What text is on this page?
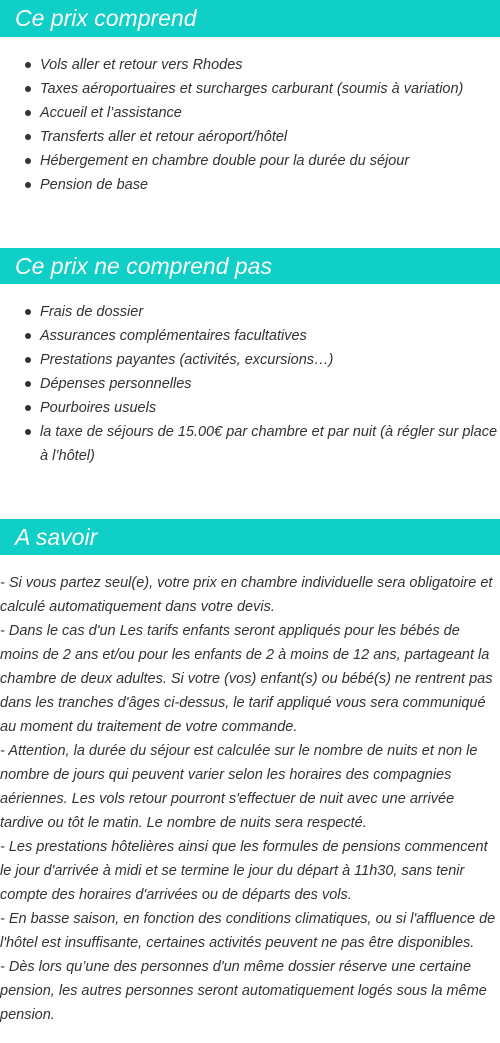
Ce prix comprend
Vols aller et retour vers Rhodes
Taxes aéroportuaires et surcharges carburant (soumis à variation)
Accueil et l’assistance
Transferts aller et retour aéroport/hôtel
Hébergement en chambre double pour la durée du séjour
Pension de base
Ce prix ne comprend pas
Frais de dossier
Assurances complémentaires facultatives
Prestations payantes (activités, excursions…)
Dépenses personnelles
Pourboires usuels
la taxe de séjours de 15.00€ par chambre et par nuit (à régler sur place à l’hôtel)
A savoir

- Si vous partez seul(e), votre prix en chambre individuelle sera obligatoire et calculé automatiquement dans votre devis.

- Dans le cas d'un Les tarifs enfants seront appliqués pour les bébés de moins de 2 ans et/ou pour les enfants de 2 à moins de 12 ans, partageant la chambre de deux adultes. Si votre (vos) enfant(s) ou bébé(s) ne rentrent pas dans les tranches d'âges ci-dessus, le tarif appliqué vous sera communiqué au moment du traitement de votre commande.

- Attention, la durée du séjour est calculée sur le nombre de nuits et non le nombre de jours qui peuvent varier selon les horaires des compagnies aériennes. Les vols retour pourront s'effectuer de nuit avec une arrivée tardive ou tôt le matin. Le nombre de nuits sera respecté.

- Les prestations hôtelières ainsi que les formules de pensions commencent le jour d'arrivée à midi et se termine le jour du départ à 11h30, sans tenir compte des horaires d'arrivées ou de départs des vols.

- En basse saison, en fonction des conditions climatiques, ou si l'affluence de l'hôtel est insuffisante, certaines activités peuvent ne pas être disponibles.

- Dès lors qu’une des personnes d'un même dossier réserve une certaine pension, les autres personnes seront automatiquement logés sous la même pension.
